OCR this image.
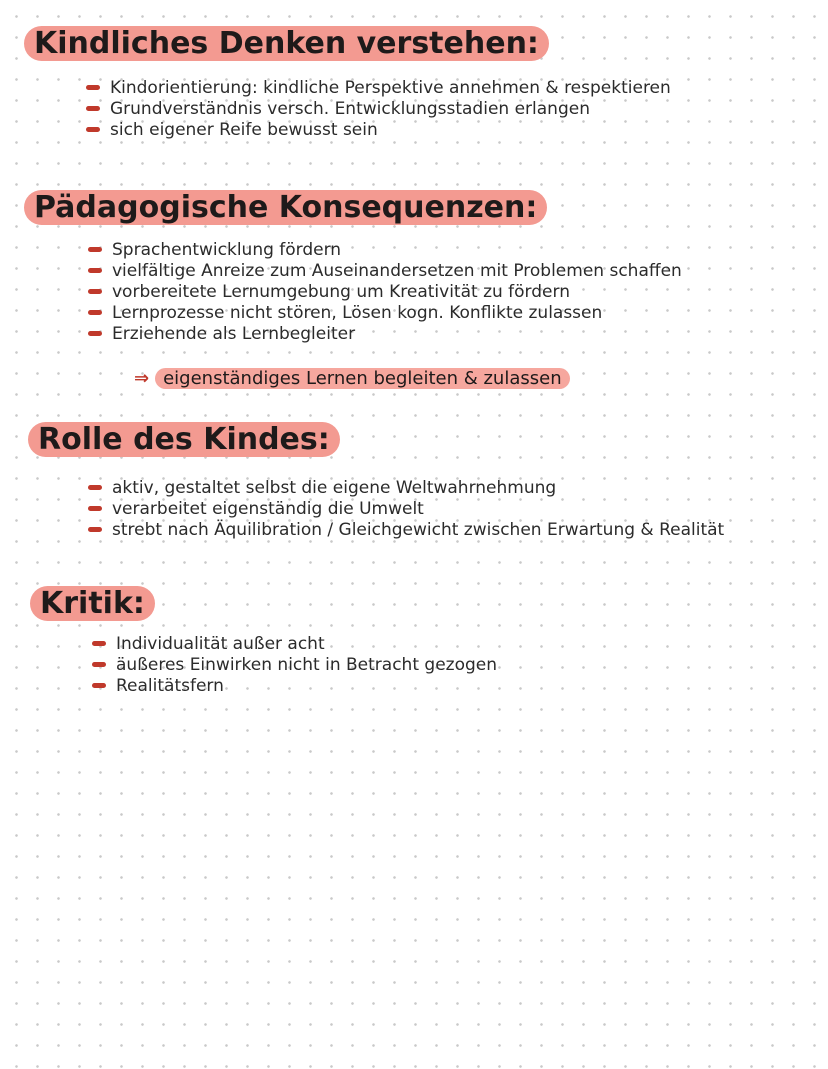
Kindliches Denken verstehen:
Kindorientierung: kindliche Perspektive annehmen & respektieren
Grundverständnis versch. Entwicklungsstadien erlangen
sich eigener Reife bewusst sein
Pädagogische Konsequenzen:
Sprachentwicklung fördern
vielfältige Anreize zum Auseinandersetzen mit Problemen schaffen
vorbereitete Lernumgebung um Kreativität zu fördern
Lernprozesse nicht stören, Lösen kogn. Konflikte zulassen
Erziehende als Lernbegleiter
⇒ eigenständiges Lernen begleiten & zulassen
Rolle des Kindes:
aktiv, gestaltet selbst die eigene Weltwahrnehmung
verarbeitet eigenständig die Umwelt
strebt nach Äquilibration / Gleichgewicht zwischen Erwartung & Realität
Kritik:
Individualität außer acht
äußeres Einwirken nicht in Betracht gezogen
Realitätsfern
